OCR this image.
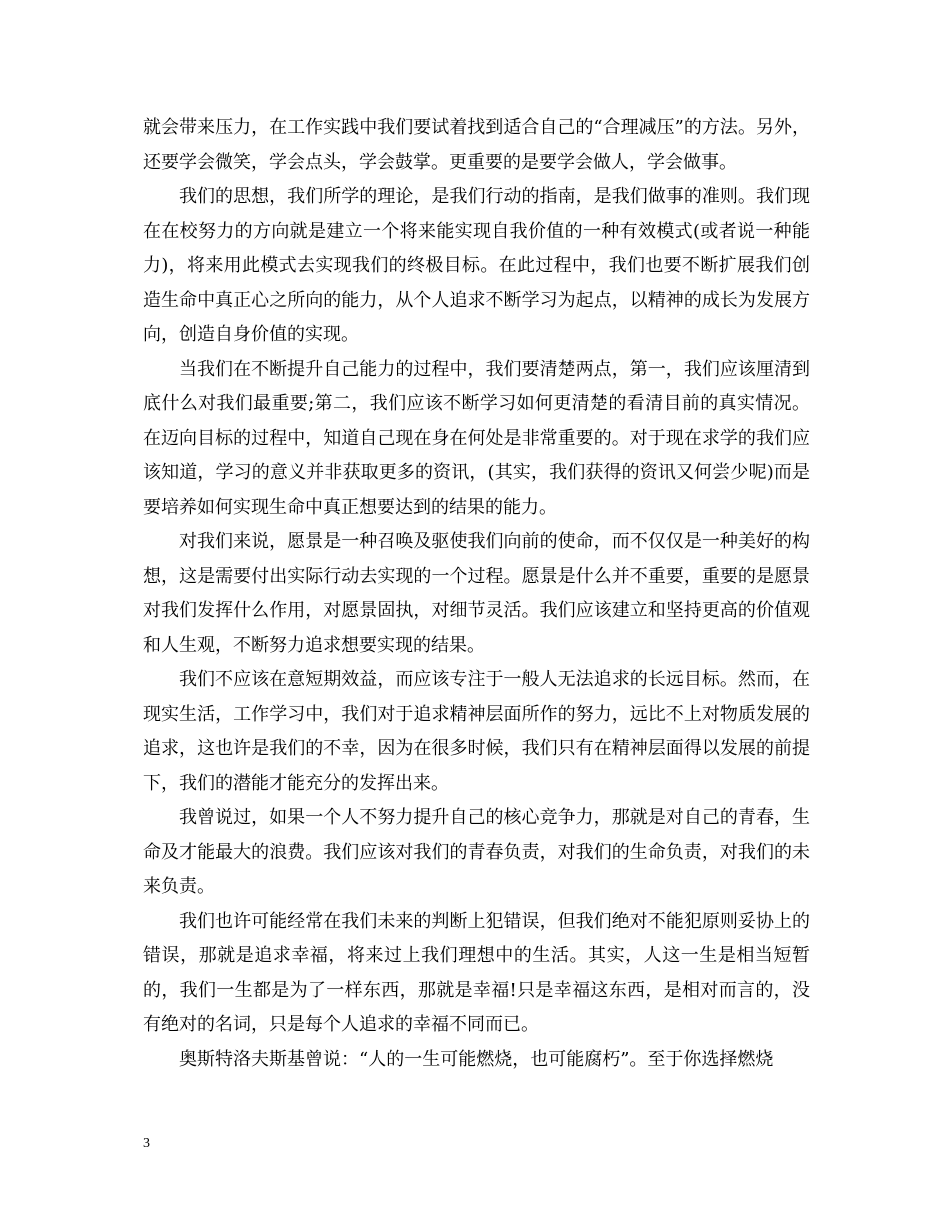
就会带来压力，在工作实践中我们要试着找到适合自己的“合理减压”的方法。另外，还要学会微笑，学会点头，学会鼓掌。更重要的是要学会做人，学会做事。

我们的思想，我们所学的理论，是我们行动的指南，是我们做事的准则。我们现在在校努力的方向就是建立一个将来能实现自我价值的一种有效模式(或者说一种能力)，将来用此模式去实现我们的终极目标。在此过程中，我们也要不断扩展我们创造生命中真正心之所向的能力，从个人追求不断学习为起点，以精神的成长为发展方向，创造自身价值的实现。

当我们在不断提升自己能力的过程中，我们要清楚两点，第一，我们应该厘清到底什么对我们最重要;第二，我们应该不断学习如何更清楚的看清目前的真实情况。在迈向目标的过程中，知道自己现在身在何处是非常重要的。对于现在求学的我们应该知道，学习的意义并非获取更多的资讯，(其实，我们获得的资讯又何尝少呢)而是要培养如何实现生命中真正想要达到的结果的能力。

对我们来说，愿景是一种召唤及驱使我们向前的使命，而不仅仅是一种美好的构想，这是需要付出实际行动去实现的一个过程。愿景是什么并不重要，重要的是愿景对我们发挥什么作用，对愿景固执，对细节灵活。我们应该建立和坚持更高的价值观和人生观，不断努力追求想要实现的结果。

我们不应该在意短期效益，而应该专注于一般人无法追求的长远目标。然而，在现实生活，工作学习中，我们对于追求精神层面所作的努力，远比不上对物质发展的追求，这也许是我们的不幸，因为在很多时候，我们只有在精神层面得以发展的前提下，我们的潜能才能充分的发挥出来。

我曾说过，如果一个人不努力提升自己的核心竞争力，那就是对自己的青春，生命及才能最大的浪费。我们应该对我们的青春负责，对我们的生命负责，对我们的未来负责。

我们也许可能经常在我们未来的判断上犯错误，但我们绝对不能犯原则妥协上的错误，那就是追求幸福，将来过上我们理想中的生活。其实，人这一生是相当短暂的，我们一生都是为了一样东西，那就是幸福!只是幸福这东西，是相对而言的，没有绝对的名词，只是每个人追求的幸福不同而已。

奥斯特洛夫斯基曾说：“人的一生可能燃烧，也可能腐朽”。至于你选择燃烧

3
